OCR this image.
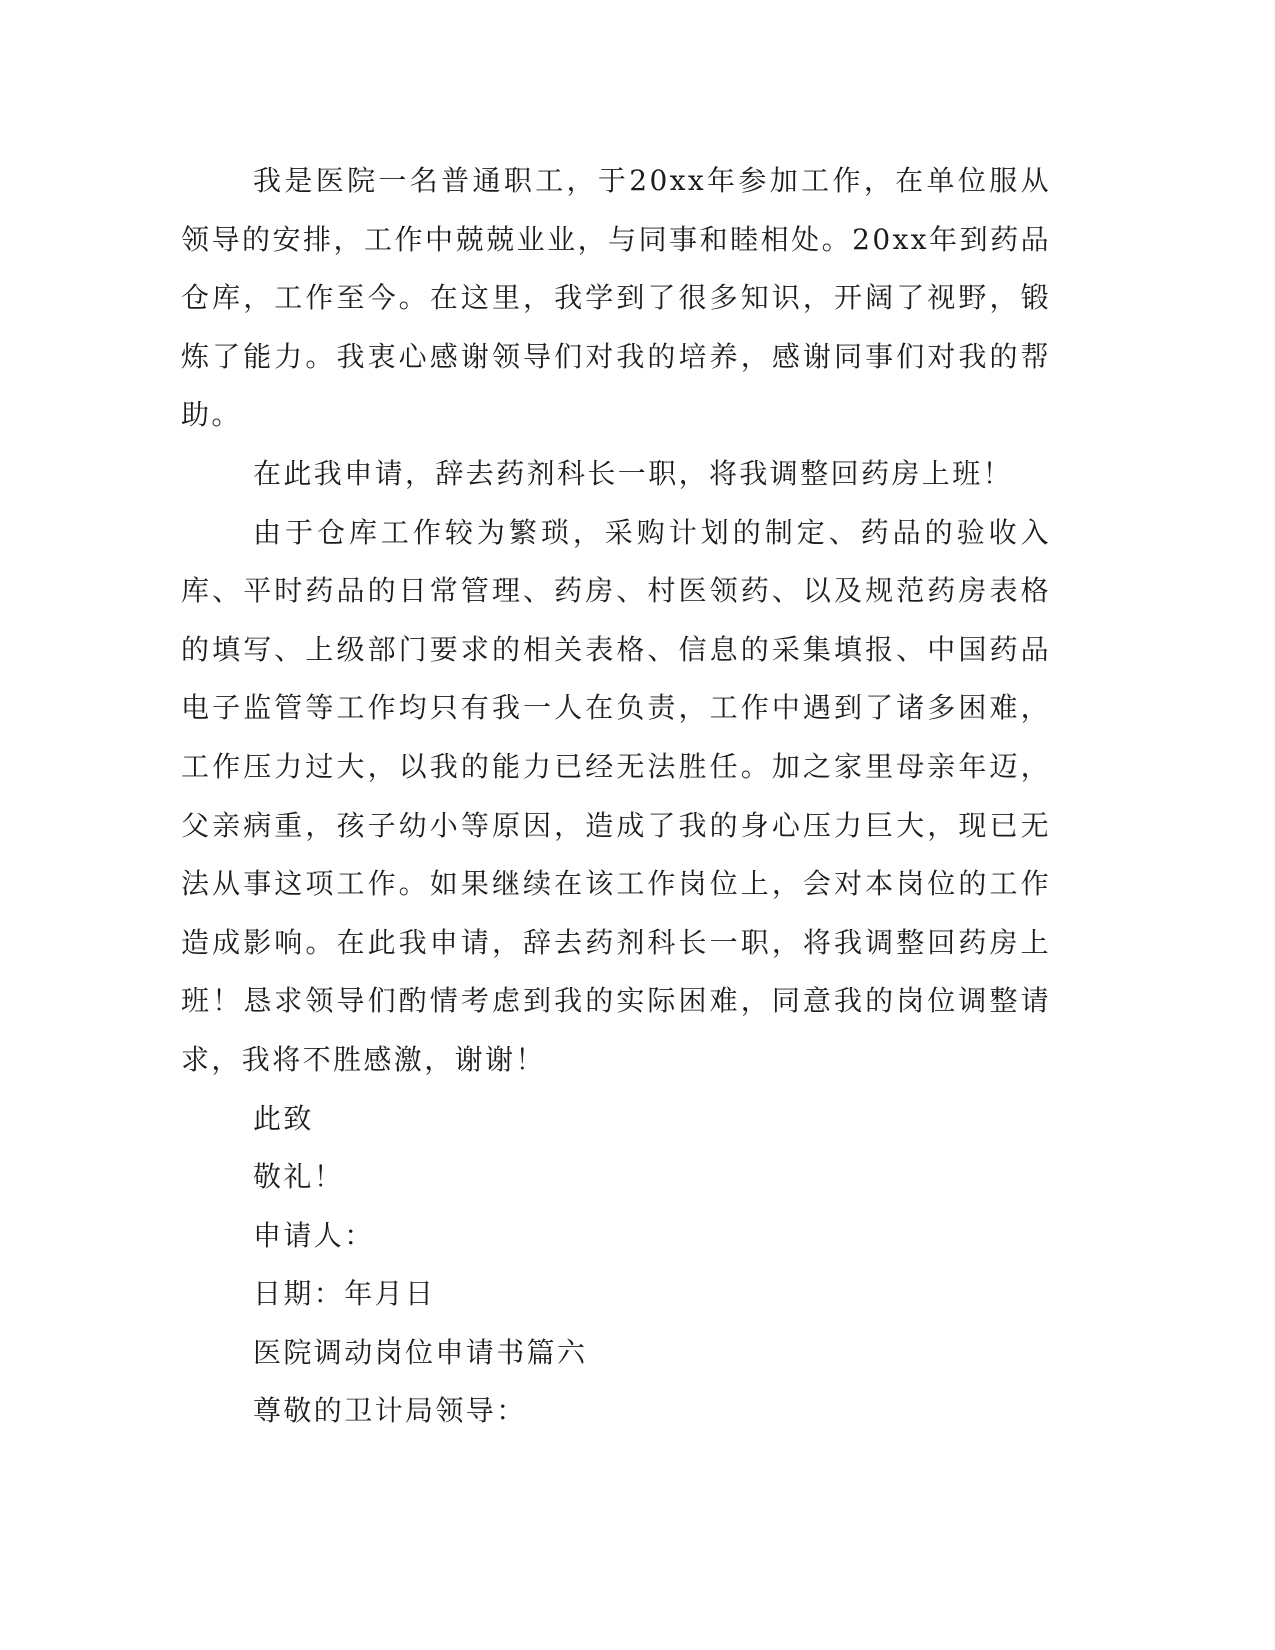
我是医院一名普通职工，于20xx年参加工作，在单位服从领导的安排，工作中兢兢业业，与同事和睦相处。20xx年到药品仓库，工作至今。在这里，我学到了很多知识，开阔了视野，锻炼了能力。我衷心感谢领导们对我的培养，感谢同事们对我的帮助。

在此我申请，辞去药剂科长一职，将我调整回药房上班！

由于仓库工作较为繁琐，采购计划的制定、药品的验收入库、平时药品的日常管理、药房、村医领药、以及规范药房表格的填写、上级部门要求的相关表格、信息的采集填报、中国药品电子监管等工作均只有我一人在负责，工作中遇到了诸多困难，工作压力过大，以我的能力已经无法胜任。加之家里母亲年迈，父亲病重，孩子幼小等原因，造成了我的身心压力巨大，现已无法从事这项工作。如果继续在该工作岗位上，会对本岗位的工作造成影响。在此我申请，辞去药剂科长一职，将我调整回药房上班！恳求领导们酌情考虑到我的实际困难，同意我的岗位调整请求，我将不胜感激，谢谢！

此致

敬礼！

申请人：

日期：年月日

医院调动岗位申请书篇六

尊敬的卫计局领导：
